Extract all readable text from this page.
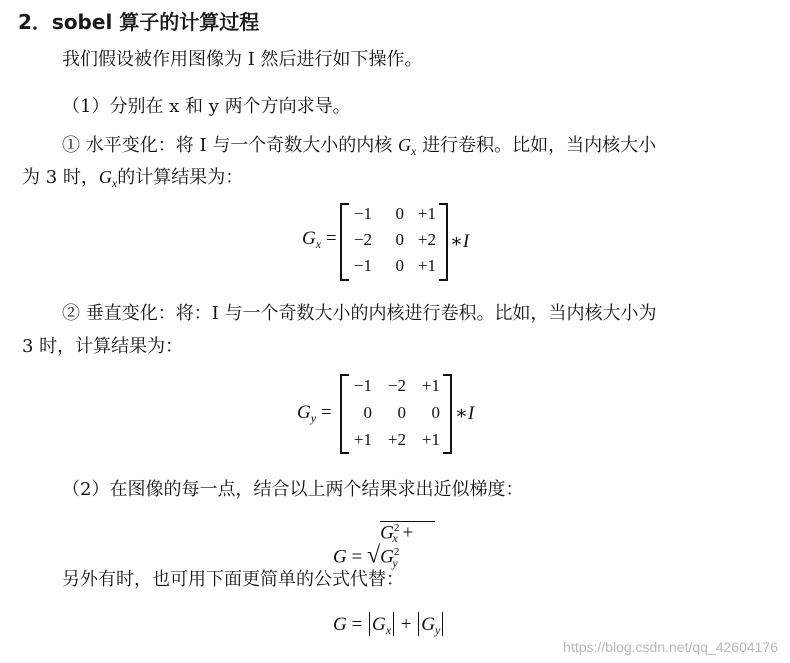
2．sobel 算子的计算过程
我们假设被作用图像为 I 然后进行如下操作。
（1）分别在 x 和 y 两个方向求导。
① 水平变化：将 I 与一个奇数大小的内核 $G_x$ 进行卷积。比如，当内核大小
为 3 时，$G_x$的计算结果为：
$G_x$ =
−1	0 +1
−2	0 +2
−1	0 +1
∗I
② 垂直变化：将：I 与一个奇数大小的内核进行卷积。比如，当内核大小为
3 时，计算结果为：
$G_y$ =
−1 −2 +1
0	0	0
+1 +2 +1
∗I
（2）在图像的每一点，结合以上两个结果求出近似梯度：
G = √
$G^2_x + G^2_y$
另外有时，也可用下面更简单的公式代替：
$G = G_x + G_y$
https://blog.csdn.net/qq_42604176
